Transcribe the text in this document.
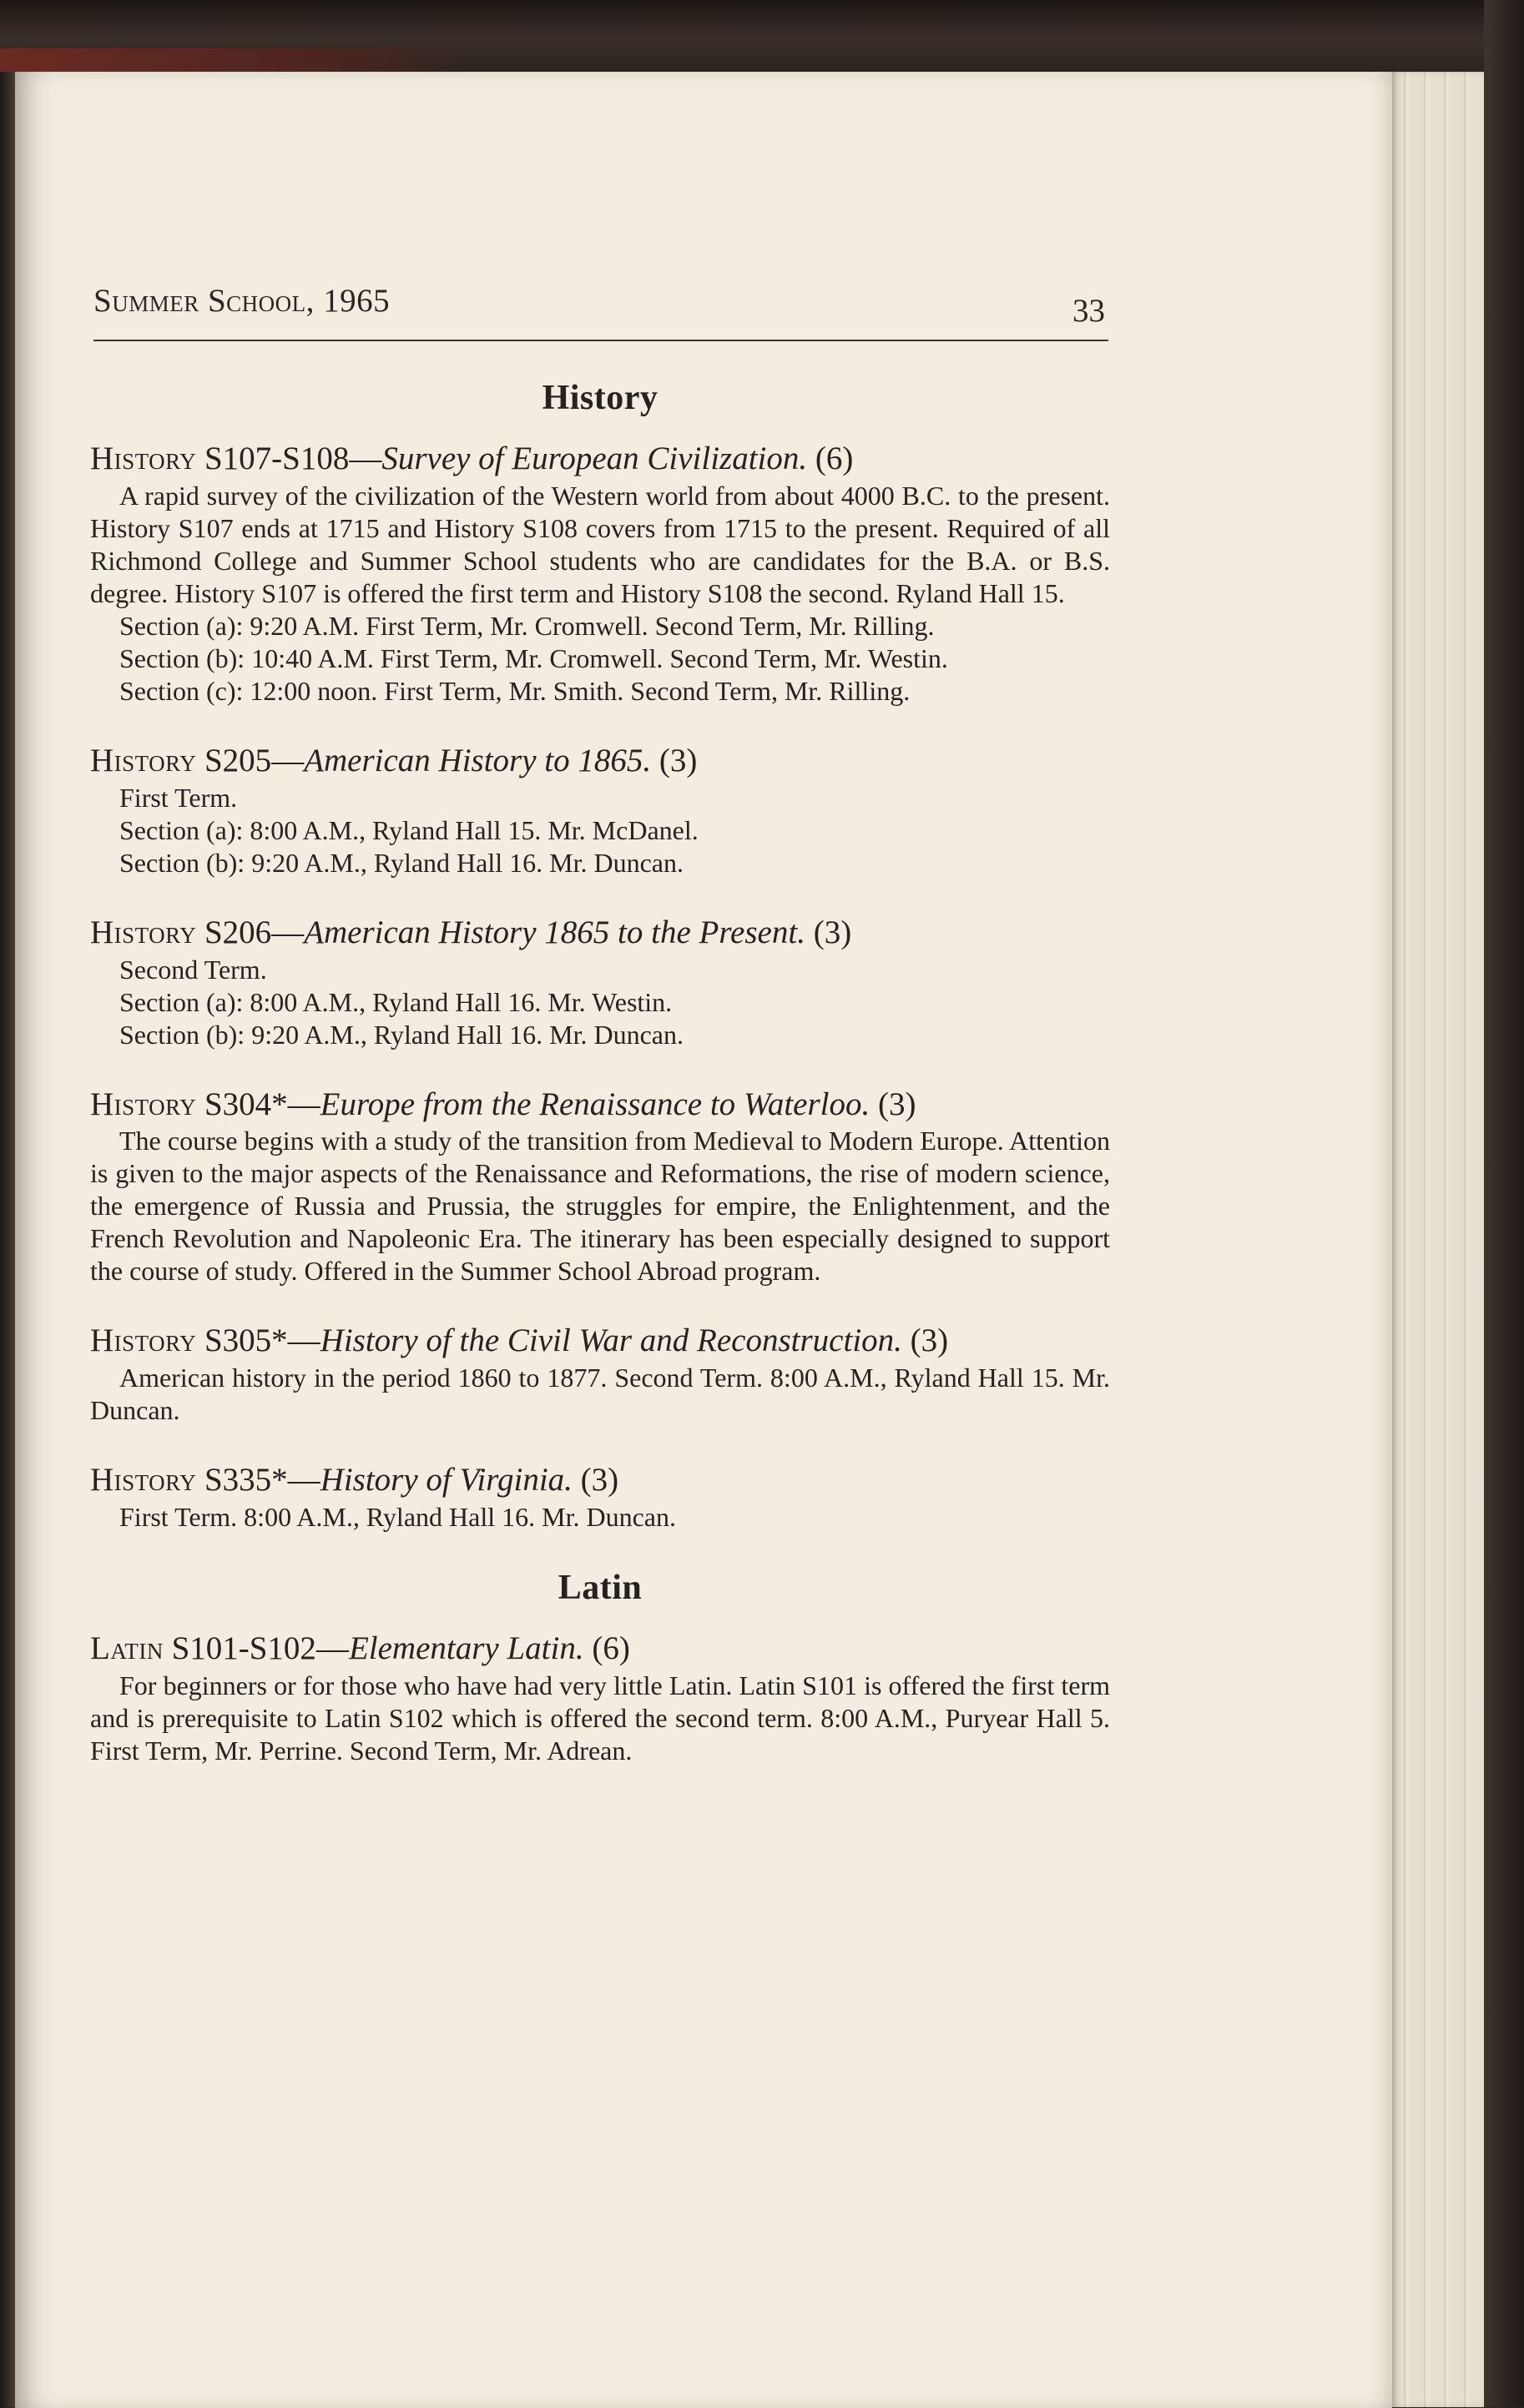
Summer School, 1965	33
History

History S107-S108—Survey of European Civilization. (6)

A rapid survey of the civilization of the Western world from about 4000 B.C. to the present. History S107 ends at 1715 and History S108 covers from 1715 to the present. Required of all Richmond College and Summer School students who are candidates for the B.A. or B.S. degree. History S107 is offered the first term and History S108 the second. Ryland Hall 15.

Section (a): 9:20 A.M. First Term, Mr. Cromwell. Second Term, Mr. Rilling.

Section (b): 10:40 A.M. First Term, Mr. Cromwell. Second Term, Mr. Westin.

Section (c): 12:00 noon. First Term, Mr. Smith. Second Term, Mr. Rilling.

History S205—American History to 1865. (3)

First Term.

Section (a): 8:00 A.M., Ryland Hall 15. Mr. McDanel.

Section (b): 9:20 A.M., Ryland Hall 16. Mr. Duncan.

History S206—American History 1865 to the Present. (3)

Second Term.

Section (a): 8:00 A.M., Ryland Hall 16. Mr. Westin.

Section (b): 9:20 A.M., Ryland Hall 16. Mr. Duncan.

History S304*—Europe from the Renaissance to Waterloo. (3)

The course begins with a study of the transition from Medieval to Modern Europe. Attention is given to the major aspects of the Renaissance and Reformations, the rise of modern science, the emergence of Russia and Prussia, the struggles for empire, the Enlightenment, and the French Revolution and Napoleonic Era. The itinerary has been especially designed to support the course of study. Offered in the Summer School Abroad program.

History S305*—History of the Civil War and Reconstruction. (3)

American history in the period 1860 to 1877. Second Term. 8:00 A.M., Ryland Hall 15. Mr. Duncan.

History S335*—History of Virginia. (3)

First Term. 8:00 A.M., Ryland Hall 16. Mr. Duncan.

Latin

Latin S101-S102—Elementary Latin. (6)

For beginners or for those who have had very little Latin. Latin S101 is offered the first term and is prerequisite to Latin S102 which is offered the second term. 8:00 A.M., Puryear Hall 5. First Term, Mr. Perrine. Second Term, Mr. Adrean.
